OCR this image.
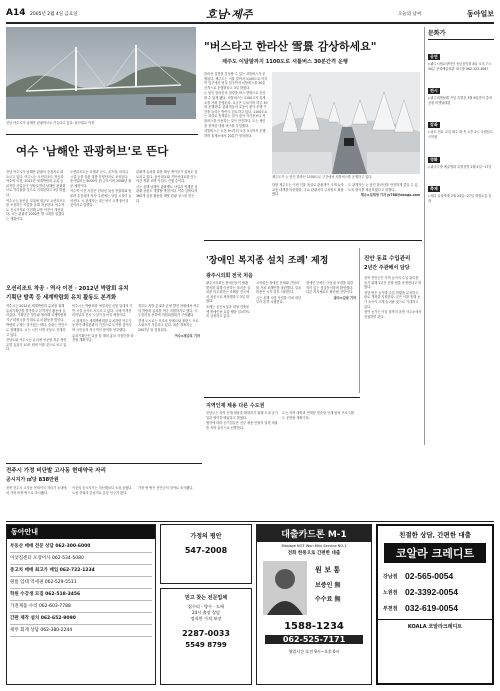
A14 2005년 2월 4일 금요일	호남·제주	오늘의 날씨	동아일보
전남 여수시가 남해안 관광허브로 거듭나고 있다. 돌산대교 야경
"버스타고 한라산 雪景 감상하세요"
제주도 이달말까지 1100도로 셔틀버스 30분간격 운행

한라산 설경을 감상할 수 있는 셔틀버스가 운행된다. 제주도는 이달 말까지 1100도로 어리목 입구에서 영실 입구까지 셔틀버스를 30분 간격으로 운행한다고 3일 밝혔다.

눈 덮인 한라산의 절경을 버스 창밖으로 감상할 수 있게 됐다. 셔틀버스는 1100고지 휴게소를 거쳐 운행된다. 요금은 무료이며 하루 30회 운행한다. 관광객들의 호응이 좋아 운행 기간을 늘리는 방안도 검토하고 있다. 1100도로는 폭설로 통제되는 일이 잦아 자가용보다 셔틀버스를 이용하는 것이 안전하다. 도는 체인을 장착한 대형 버스를 투입했다.

셔틀버스는 오전 9시부터 오후 5시까지 운행하며 휴게소에서 20분간 정차한다.

제주도가 눈 덮인 한라산 1100도로 구간에서 셔틀버스를 운행하고 있다.

한편 제주도는 이번 겨울 폭설로 관광객이 크게 늘자 교통 대책을 마련했다. 주요 관광지의 주차장도 확충했다.

도 관계자는 눈 덮인 한라산을 안전하게 즐길 수 있도록 편의를 제공하겠다고 말했다.

제주=임재영 기자 jy788@donga.com

문화가
공연
▷광주시립교향악단 신년음악회 8일 오후 7시 30분 문화예술회관 대극장 062-123-4567
전시
▷광주비엔날레 기념 특별전 3월 6일까지 중외공원 비엔날레관
강좌
▷남도 민요 교실 매주 화·목 오후 2시 국립남도국악원
영화
▷광주극장 예술영화 특별상영 2월 4일~17일
축제
▷제주 들불축제 2월 24일~27일 새별오름 일대
여수 '남해안 관광허브'로 뜬다

전남 여수시가 남해안 관광의 중심지로 떠오르고 있다. 여수시는 오션리조트 착공과 여수역 이전, 2012년 세계박람회 유치 등 굵직한 사업들이 잇따르면서 남해안 관광허브로 자리잡을 것으로 기대된다고 3일 밝혔다.

여수시는 돌산읍 일대에 대규모 오션리조트를 조성하는 사업을 올해 착공한다. 여수역도 신시가지로 이전해 교통 여건이 개선된다. 시는 관광객 1000만 명 시대를 열겠다는 계획이다.

오션리조트는 호텔과 콘도, 골프장, 마리나 시설 등을 갖춘 복합 휴양단지로 조성된다. 총사업비는 5000억 원 규모이며 2008년 완공 예정이다.

여수역 이전 사업은 전라선 복선 전철화와 맞물려 추진되며 역사 주변에는 상업 시설이 들어선다. 시 관계자는 접근성이 크게 좋아질 것이라고 말했다.

관광객 유치를 위한 해상 케이블카 설치도 검토되고 있다. 돌산대교와 거북선대교를 잇는 야간 경관 조명 사업도 진행 중이다.

시는 올해 남해안 관광벨트 사업과 연계한 섬 관광 상품도 개발할 방침이다. 여수 앞바다의 365개 섬을 활용한 해양 관광 코스를 만든다.

오션리조트 착공 · 역사 이전 · 2012년 박람회 유치
기획단 발족 등 세계박람회 유치 활동도 본격화

여수시는 2012년 세계박람회 유치를 위해 유치기획단을 발족하고 본격적인 활동에 들어갔다. 기획단은 정부와 협력해 국제박람회기구 회원국을 상대로 유치 활동을 벌인다.

박람회 주제는 살아있는 바다, 숨쉬는 연안으로 정해졌다. 시는 시민 서명 운동도 전개하고 있다.

전남도와 여수시는 유치에 성공할 경우 생산 유발 효과가 10조 원에 이를 것으로 보고 있다.

여수시는 박람회장 예정지인 신항 일대의 기반 시설 공사도 서두르고 있다. 국제 여객선 터미널과 전시 시설이 들어설 예정이다.

시 관계자는 세계박람회를 유치하면 여수가 동북아 해양관광의 거점으로 도약할 것이라며 시민들의 적극적인 참여를 당부했다.

유치기획단은 다음 달 해외 홍보 사절단을 파견할 계획이다.

정부도 지방 분권과 균형 발전 차원에서 여수의 박람회 유치를 적극 지원하기로 했다. 국무총리실 산하에 지원위원회가 구성됐다.

경쟁 도시로는 모로코 탕헤르와 폴란드 브로츠와프가 거론되고 있다. 최종 개최지는 2007년 말 결정된다.

여수=정승호 기자

'장애인 복지종 설치 조례' 제정
광주시의회 전국 처음

광주시의회는 장애인들이 생활 편의를 위해 이용하는 복지종 설치를 의무화하는 조례를 전국에서 처음으로 제정했다고 3일 밝혔다.

조례는 공공시설과 대형 건축물에 장애인용 호출 벨을 설치하도록 규정하고 있다.

시의회는 장애인 단체와 간담회를 거쳐 조례안을 마련했다. 설치 비용은 시가 일부 지원한다.

시는 올해 시범 사업을 거쳐 내년부터 본격 시행한다.

장애인 단체는 이동권 보장을 위한 의미 있는 첫걸음이라며 환영했다. 다른 지자체로도 확산될 전망이다.

광주=김권 기자

진안 동료 수입관리
2년간 주관해서 담당

전북 진안군은 지역 농가의 수입 관리를 돕기 위해 2년간 전담 팀을 운영한다고 밝혔다.

전담 팀은 농가별 수입 현황을 분석하고 판로 개척을 지원한다. 군은 이를 통해 농가 소득이 크게 늘어날 것으로 기대하고 있다.

참여 농가는 이달 말까지 읍면 사무소에서 신청하면 된다.

지역인재 채용 다른 수도권

전남도는 지역 인재 채용을 확대하기 위해 도내 공기업과 협약을 맺었다고 밝혔다.

협약에 따라 공기업들은 신규 채용 인원의 일정 비율을 지역 출신으로 선발한다.

도는 지역 대학과 연계한 맞춤형 인재 양성 프로그램도 운영할 계획이다.

전주시 가정 비단발 고사동 현대약국 자리
공시지가 ㎡당 838만원

전북 전주시 고사동 현대약국 자리가 도내에서 가장 비싼 땅으로 조사됐다.

이곳의 공시지가는 지난해보다 소폭 올랐다. 도심 상권의 중심지로 유동 인구가 많다.

가장 싼 땅은 진안군의 임야로 조사됐다.

동아안내
부동산 매매 전문 상담 062-300-6000
이삿짐센터 포장이사 062-534-5080
중고차 매매 최고가 매입 062-722-1234
원룸 임대 역세권 062-529-5511
학원 수강생 모집 062-518-3456
가전제품 수리 062-603-7788
간판 제작 설치 062-652-9090
세무 회계 상담 062-380-2244
가정의 평안
547-2008
믿고 찾는 전문업체
집수리 · 방수 · 도배
24시 출장 상담
정직한 가격 보장
2287-0033
5549 8799
대출카드론 M-1
Manage NOT Won Mini Service NO.1
전화 한통으로 간편한 대출
원 보 통
보증인 無
수수료 無
1588-1234
062-525-7171
영업시간 오전 9시~오후 6시
친절한 상담, 간편한 대출
코알라 크레디트
강남점 02-565-0054
노원점 02-3392-0054
부천점 032-619-0054
KOALA 코알라크레디트
